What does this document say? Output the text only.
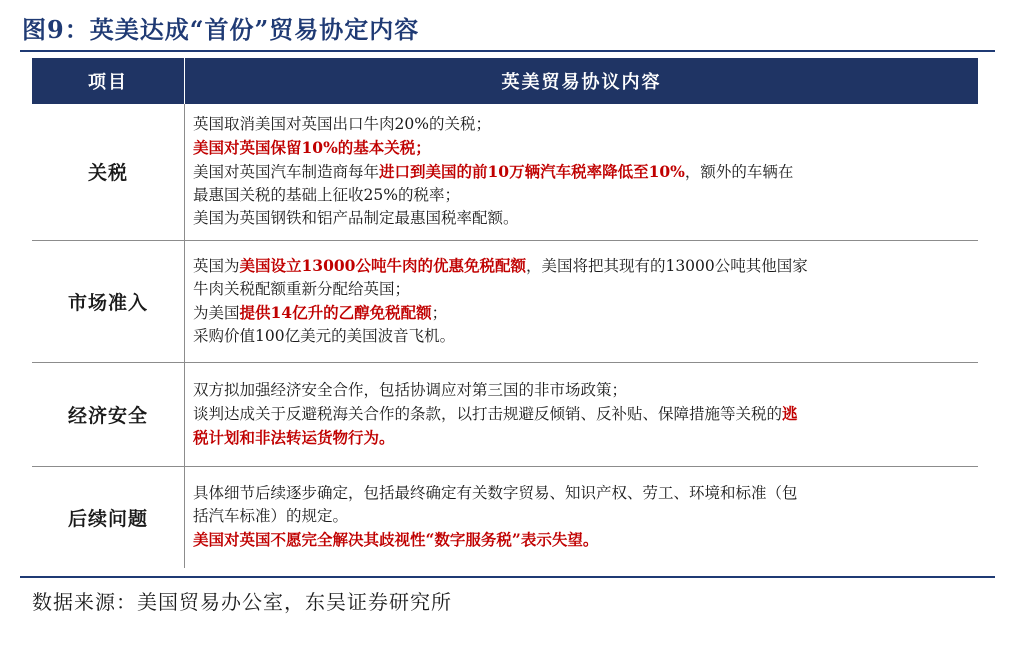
图9：英美达成“首份”贸易协定内容
项目	英美贸易协议内容
关税	英国取消美国对英国出口牛肉20%的关税；
美国对英国保留10%的基本关税；
美国对英国汽车制造商每年进口到美国的前10万辆汽车税率降低至10%，额外的车辆在
最惠国关税的基础上征收25%的税率；
美国为英国钢铁和铝产品制定最惠国税率配额。

市场准入	英国为美国设立13000公吨牛肉的优惠免税配额，美国将把其现有的13000公吨其他国家
牛肉关税配额重新分配给英国；
为美国提供14亿升的乙醇免税配额；
采购价值100亿美元的美国波音飞机。

经济安全	双方拟加强经济安全合作，包括协调应对第三国的非市场政策；
谈判达成关于反避税海关合作的条款，以打击规避反倾销、反补贴、保障措施等关税的逃
税计划和非法转运货物行为。

后续问题	具体细节后续逐步确定，包括最终确定有关数字贸易、知识产权、劳工、环境和标准（包
括汽车标准）的规定。
美国对英国不愿完全解决其歧视性“数字服务税”表示失望。
数据来源：美国贸易办公室，东吴证券研究所
